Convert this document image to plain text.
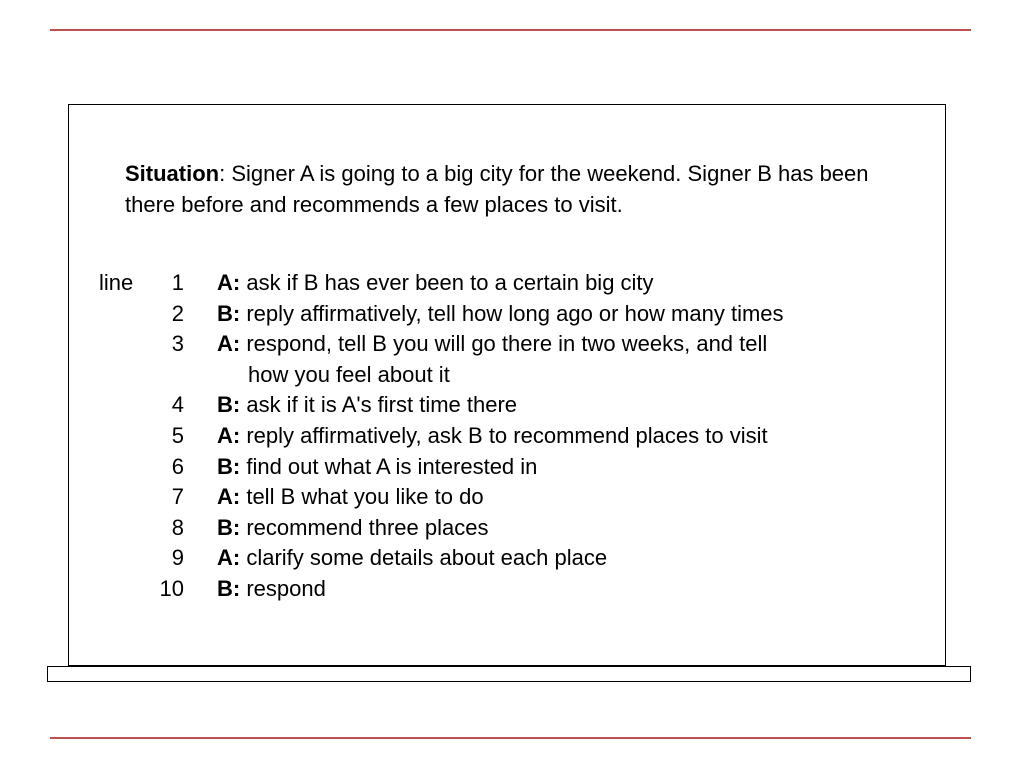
Situation: Signer A is going to a big city for the weekend. Signer B has been there before and recommends a few places to visit.
line	1 A: ask if B has ever been to a certain big city
2 B: reply affirmatively, tell how long ago or how many times
3 A: respond, tell B you will go there in two weeks, and tell
how you feel about it
4 B: ask if it is A's first time there
5 A: reply affirmatively, ask B to recommend places to visit
6 B: find out what A is interested in
7 A: tell B what you like to do
8 B: recommend three places
9 A: clarify some details about each place
10 B: respond
